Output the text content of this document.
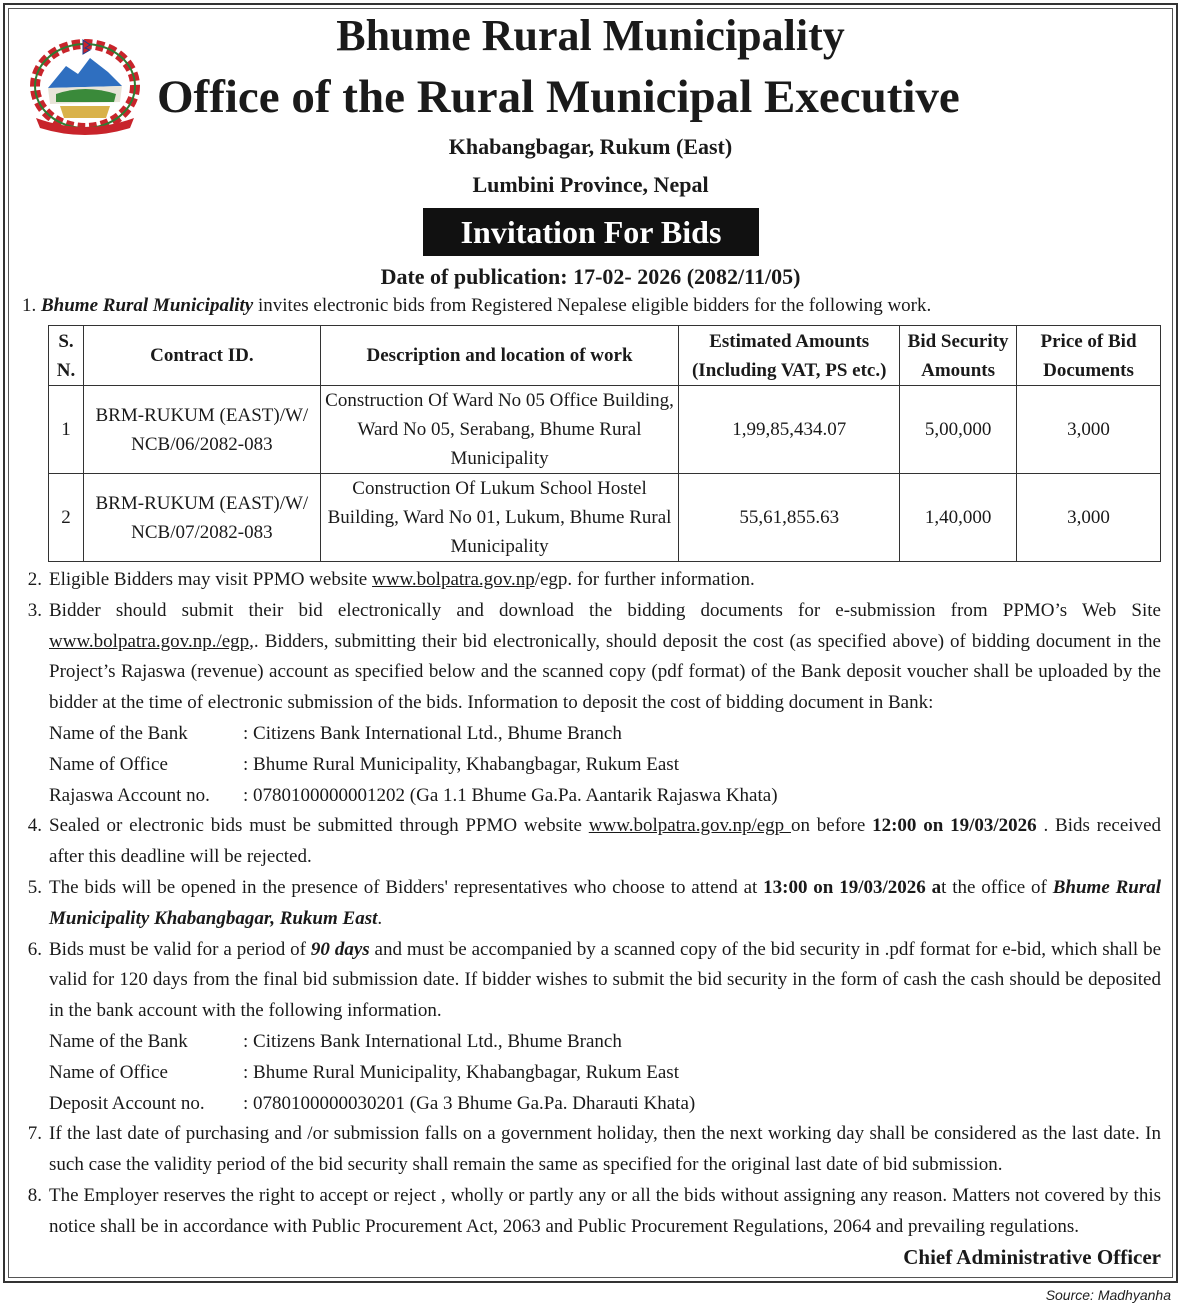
Bhume Rural Municipality
Office of the Rural Municipal Executive
Khabangbagar, Rukum (East)
Lumbini Province, Nepal
Invitation For Bids
Date of publication: 17-02- 2026 (2082/11/05)
1. Bhume Rural Municipality invites electronic bids from Registered Nepalese eligible bidders for the following work.
S. N.	Contract ID.	Description and location of work	Estimated Amounts (Including VAT, PS etc.)	Bid Security Amounts	Price of Bid Documents
1	BRM-RUKUM (EAST)/W/ NCB/06/2082-083	Construction Of Ward No 05 Office Building, Ward No 05, Serabang, Bhume Rural Municipality	1,99,85,434.07	5,00,000	3,000
2	BRM-RUKUM (EAST)/W/ NCB/07/2082-083	Construction Of Lukum School Hostel Building, Ward No 01, Lukum, Bhume Rural Municipality	55,61,855.63	1,40,000	3,000
2. Eligible Bidders may visit PPMO website www.bolpatra.gov.np/egp. for further information.
3. Bidder should submit their bid electronically and download the bidding documents for e-submission from PPMO’s Web Site www.bolpatra.gov.np./egp,. Bidders, submitting their bid electronically, should deposit the cost (as specified above) of bidding document in the Project’s Rajaswa (revenue) account as specified below and the scanned copy (pdf format) of the Bank deposit voucher shall be uploaded by the bidder at the time of electronic submission of the bids. Information to deposit the cost of bidding document in Bank:
Name of the Bank	: Citizens Bank International Ltd., Bhume Branch
Name of Office	: Bhume Rural Municipality, Khabangbagar, Rukum East
Rajaswa Account no.	: 0780100000001202 (Ga 1.1 Bhume Ga.Pa. Aantarik Rajaswa Khata)
4. Sealed or electronic bids must be submitted through PPMO website www.bolpatra.gov.np/egp on before 12:00 on 19/03/2026 . Bids received after this deadline will be rejected.
5. The bids will be opened in the presence of Bidders' representatives who choose to attend at 13:00 on 19/03/2026 at the office of Bhume Rural Municipality Khabangbagar, Rukum East.
6. Bids must be valid for a period of 90 days and must be accompanied by a scanned copy of the bid security in .pdf format for e-bid, which shall be valid for 120 days from the final bid submission date. If bidder wishes to submit the bid security in the form of cash the cash should be deposited in the bank account with the following information.
Name of the Bank	: Citizens Bank International Ltd., Bhume Branch
Name of Office	: Bhume Rural Municipality, Khabangbagar, Rukum East
Deposit Account no.	: 0780100000030201 (Ga 3 Bhume Ga.Pa. Dharauti Khata)
7. If the last date of purchasing and /or submission falls on a government holiday, then the next working day shall be considered as the last date. In such case the validity period of the bid security shall remain the same as specified for the original last date of bid submission.
8. The Employer reserves the right to accept or reject , wholly or partly any or all the bids without assigning any reason. Matters not covered by this notice shall be in accordance with Public Procurement Act, 2063 and Public Procurement Regulations, 2064 and prevailing regulations.
Chief Administrative Officer
Source: Madhyanha
